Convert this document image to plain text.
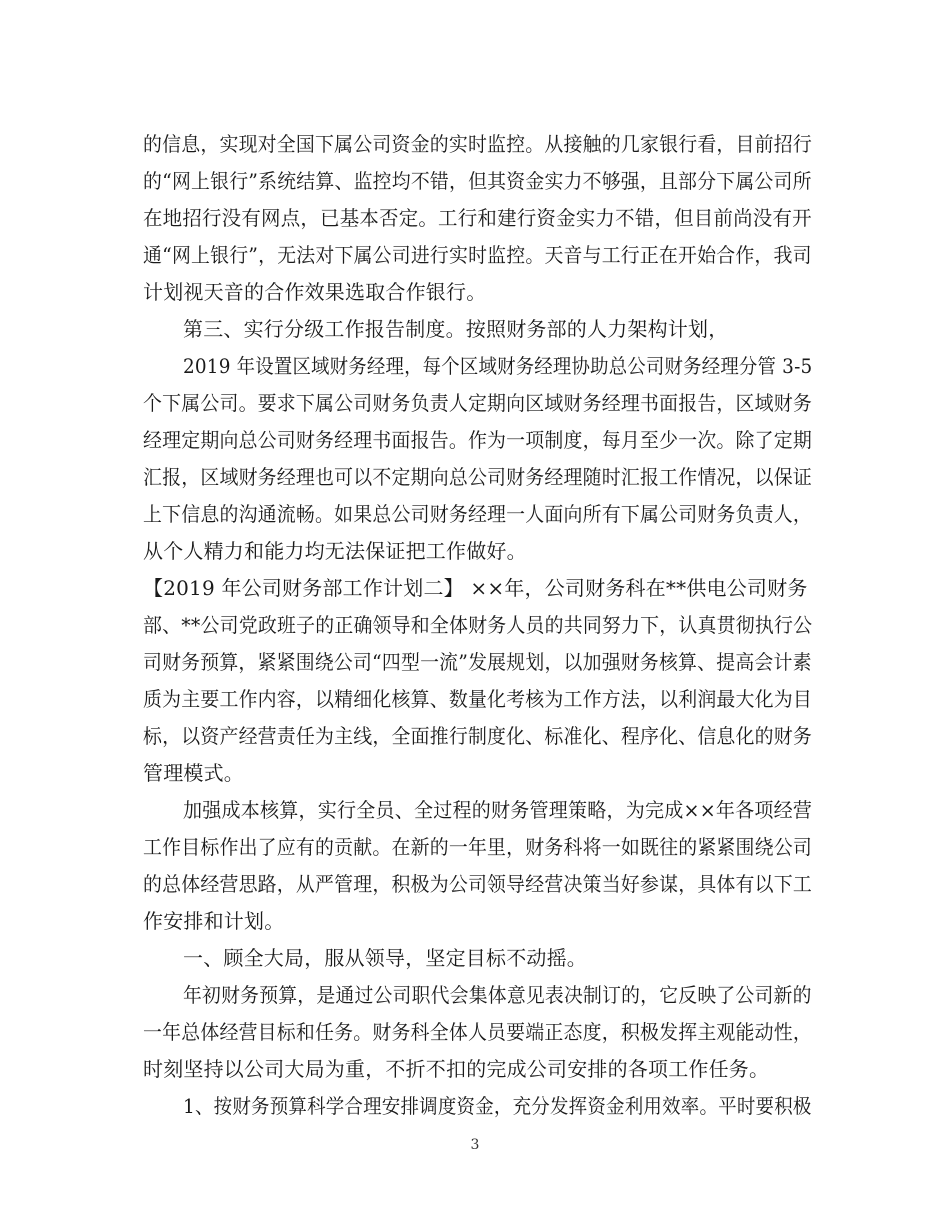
的信息，实现对全国下属公司资金的实时监控。从接触的几家银行看，目前招行
的“网上银行”系统结算、监控均不错，但其资金实力不够强，且部分下属公司所
在地招行没有网点，已基本否定。工行和建行资金实力不错，但目前尚没有开
通“网上银行”，无法对下属公司进行实时监控。天音与工行正在开始合作，我司
计划视天音的合作效果选取合作银行。
第三、实行分级工作报告制度。按照财务部的人力架构计划，
2019 年设置区域财务经理，每个区域财务经理协助总公司财务经理分管 3-5
个下属公司。要求下属公司财务负责人定期向区域财务经理书面报告，区域财务
经理定期向总公司财务经理书面报告。作为一项制度，每月至少一次。除了定期
汇报，区域财务经理也可以不定期向总公司财务经理随时汇报工作情况，以保证
上下信息的沟通流畅。如果总公司财务经理一人面向所有下属公司财务负责人，
从个人精力和能力均无法保证把工作做好。
【2019 年公司财务部工作计划二】 ××年，公司财务科在**供电公司财务
部、**公司党政班子的正确领导和全体财务人员的共同努力下，认真贯彻执行公
司财务预算，紧紧围绕公司“四型一流”发展规划，以加强财务核算、提高会计素
质为主要工作内容，以精细化核算、数量化考核为工作方法，以利润最大化为目
标，以资产经营责任为主线，全面推行制度化、标准化、程序化、信息化的财务
管理模式。
加强成本核算，实行全员、全过程的财务管理策略，为完成××年各项经营
工作目标作出了应有的贡献。在新的一年里，财务科将一如既往的紧紧围绕公司
的总体经营思路，从严管理，积极为公司领导经营决策当好参谋，具体有以下工
作安排和计划。
一、顾全大局，服从领导，坚定目标不动摇。
年初财务预算，是通过公司职代会集体意见表决制订的，它反映了公司新的
一年总体经营目标和任务。财务科全体人员要端正态度，积极发挥主观能动性，
时刻坚持以公司大局为重，不折不扣的完成公司安排的各项工作任务。
1、按财务预算科学合理安排调度资金，充分发挥资金利用效率。平时要积极
3
